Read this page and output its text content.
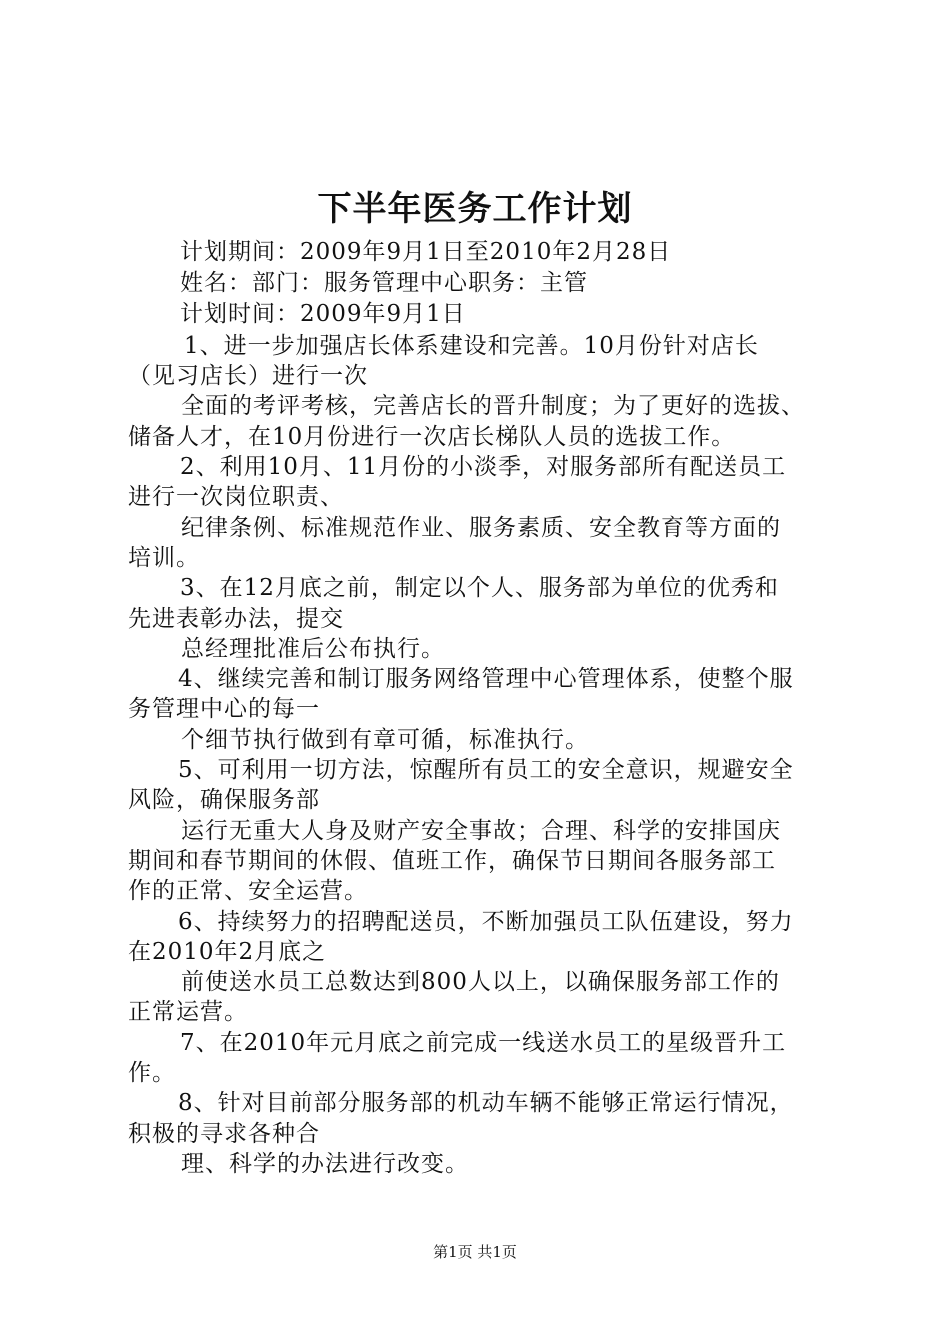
下半年医务工作计划
计划期间：2009年9月1日至2010年2月28日
姓名：部门：服务管理中心职务：主管
计划时间：2009年9月1日
1、进一步加强店长体系建设和完善。10月份针对店长
（见习店长）进行一次
全面的考评考核，完善店长的晋升制度；为了更好的选拔、
储备人才，在10月份进行一次店长梯队人员的选拔工作。
2、利用10月、11月份的小淡季，对服务部所有配送员工
进行一次岗位职责、
纪律条例、标准规范作业、服务素质、安全教育等方面的
培训。
3、在12月底之前，制定以个人、服务部为单位的优秀和
先进表彰办法，提交
总经理批准后公布执行。
4、继续完善和制订服务网络管理中心管理体系，使整个服
务管理中心的每一
个细节执行做到有章可循，标准执行。
5、可利用一切方法，惊醒所有员工的安全意识，规避安全
风险，确保服务部
运行无重大人身及财产安全事故；合理、科学的安排国庆
期间和春节期间的休假、值班工作，确保节日期间各服务部工
作的正常、安全运营。
6、持续努力的招聘配送员，不断加强员工队伍建设，努力
在2010年2月底之
前使送水员工总数达到800人以上，以确保服务部工作的
正常运营。
7、在2010年元月底之前完成一线送水员工的星级晋升工
作。
8、针对目前部分服务部的机动车辆不能够正常运行情况，
积极的寻求各种合
理、科学的办法进行改变。
第1页 共1页
